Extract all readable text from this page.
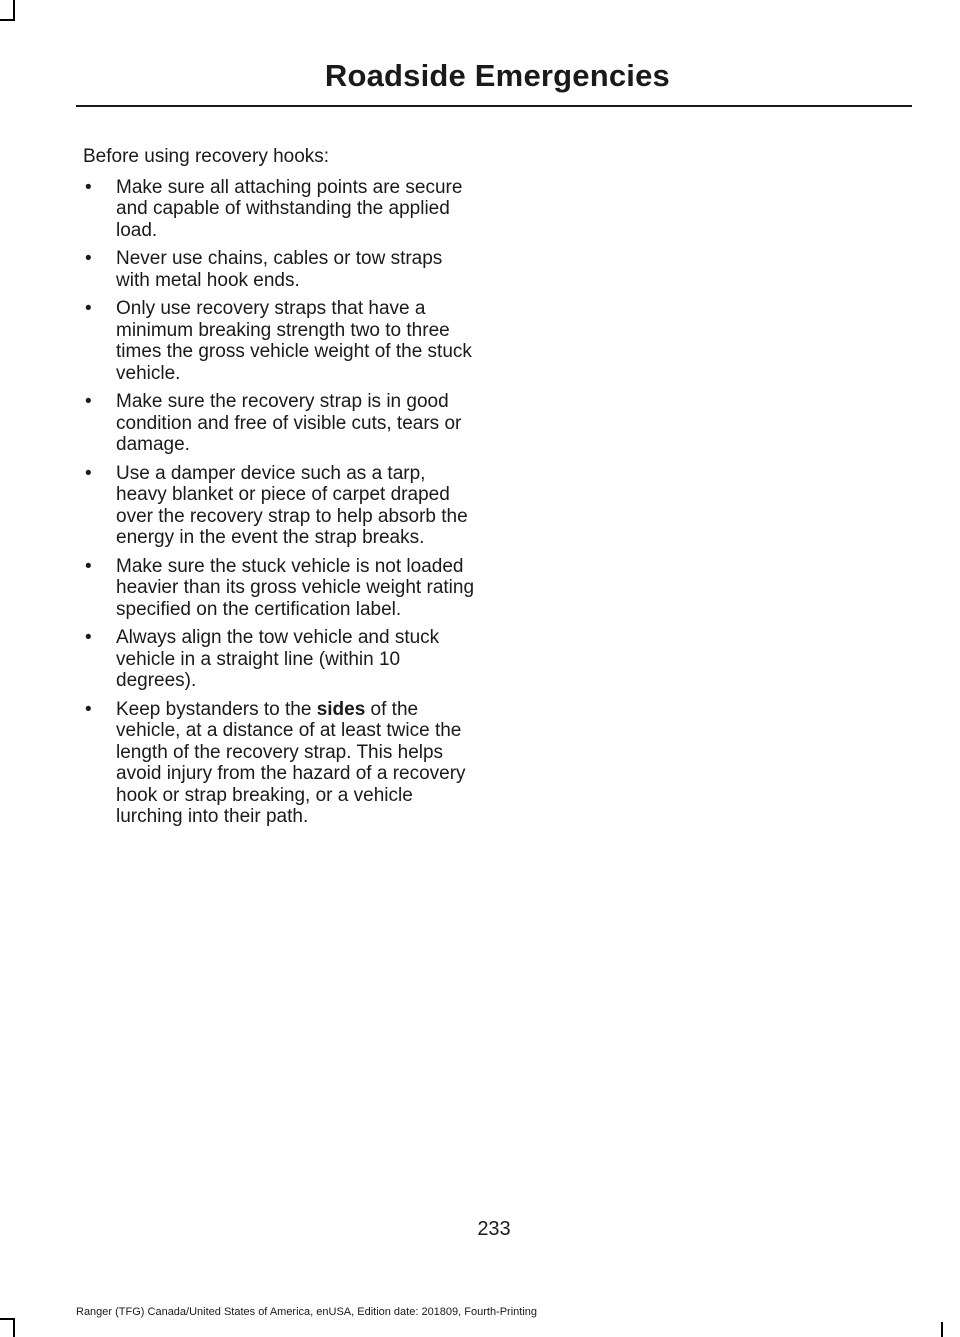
Roadside Emergencies

Before using recovery hooks:

• Make sure all attaching points are secure and capable of withstanding the applied load.
• Never use chains, cables or tow straps with metal hook ends.
• Only use recovery straps that have a minimum breaking strength two to three times the gross vehicle weight of the stuck vehicle.
• Make sure the recovery strap is in good condition and free of visible cuts, tears or damage.
• Use a damper device such as a tarp, heavy blanket or piece of carpet draped over the recovery strap to help absorb the energy in the event the strap breaks.
• Make sure the stuck vehicle is not loaded heavier than its gross vehicle weight rating specified on the certification label.
• Always align the tow vehicle and stuck vehicle in a straight line (within 10 degrees).
• Keep bystanders to the sides of the vehicle, at a distance of at least twice the length of the recovery strap. This helps avoid injury from the hazard of a recovery hook or strap breaking, or a vehicle lurching into their path.
233
Ranger (TFG) Canada/United States of America, enUSA, Edition date: 201809, Fourth-Printing
